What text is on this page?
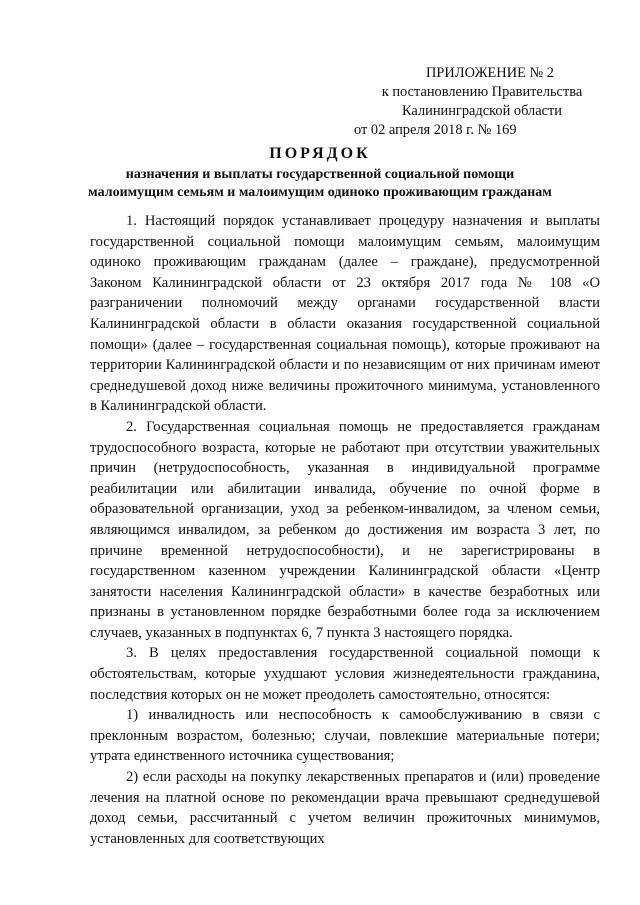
ПРИЛОЖЕНИЕ № 2
к постановлению Правительства
Калининградской области
от 02 апреля 2018 г. № 169
ПОРЯДОК
назначения и выплаты государственной социальной помощи
малоимущим семьям и малоимущим одиноко проживающим гражданам

1. Настоящий порядок устанавливает процедуру назначения и выплаты государственной социальной помощи малоимущим семьям, малоимущим одиноко проживающим гражданам (далее – граждане), предусмотренной Законом Калининградской области от 23 октября 2017 года № 108 «О разграничении полномочий между органами государственной власти Калининградской области в области оказания государственной социальной помощи» (далее – государственная социальная помощь), которые проживают на территории Калининградской области и по независящим от них причинам имеют среднедушевой доход ниже величины прожиточного минимума, установленного в Калининградской области.

2. Государственная социальная помощь не предоставляется гражданам трудоспособного возраста, которые не работают при отсутствии уважительных причин (нетрудоспособность, указанная в индивидуальной программе реабилитации или абилитации инвалида, обучение по очной форме в образовательной организации, уход за ребенком-инвалидом, за членом семьи, являющимся инвалидом, за ребенком до достижения им возраста 3 лет, по причине временной нетрудоспособности), и не зарегистрированы в государственном казенном учреждении Калининградской области «Центр занятости населения Калининградской области» в качестве безработных или признаны в установленном порядке безработными более года за исключением случаев, указанных в подпунктах 6, 7 пункта 3 настоящего порядка.

3. В целях предоставления государственной социальной помощи к обстоятельствам, которые ухудшают условия жизнедеятельности гражданина, последствия которых он не может преодолеть самостоятельно, относятся:

1) инвалидность или неспособность к самообслуживанию в связи с преклонным возрастом, болезнью; случаи, повлекшие материальные потери; утрата единственного источника существования;

2) если расходы на покупку лекарственных препаратов и (или) проведение лечения на платной основе по рекомендации врача превышают среднедушевой доход семьи, рассчитанный с учетом величин прожиточных минимумов, установленных для соответствующих
